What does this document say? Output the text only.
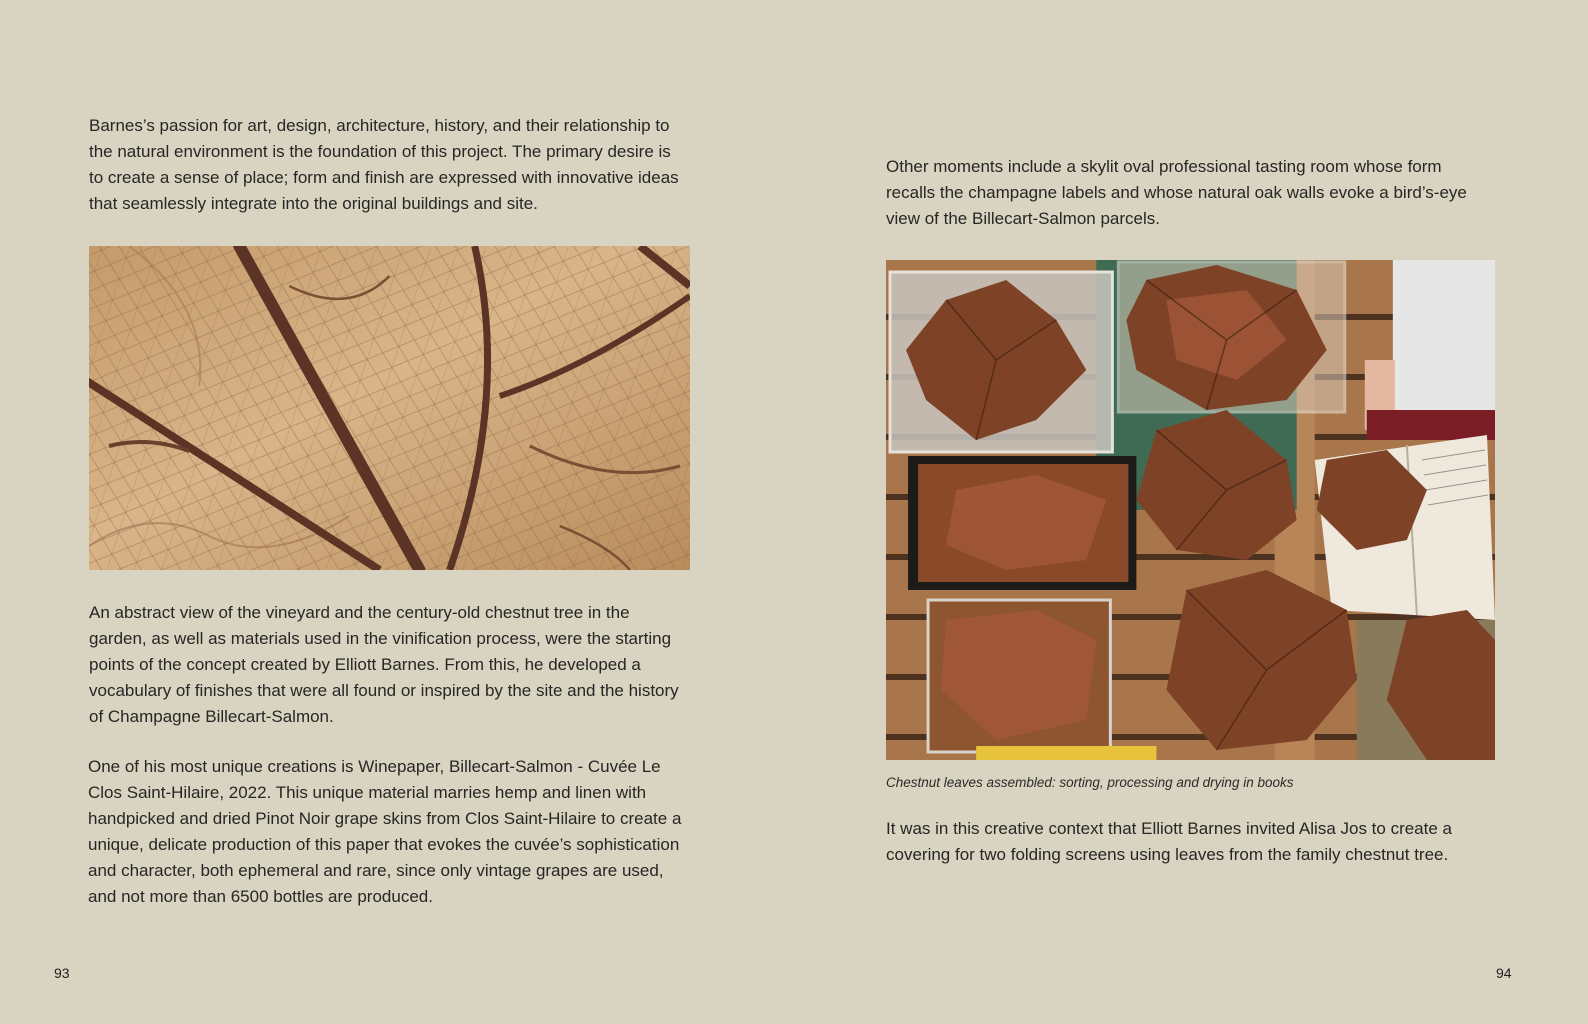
Barnes’s passion for art, design, architecture, history, and their relationship to the natural environment is the foundation of this project. The primary desire is to create a sense of place; form and finish are expressed with innovative ideas that seamlessly integrate into the original buildings and site.

An abstract view of the vineyard and the century-old chestnut tree in the garden, as well as materials used in the vinification process, were the starting points of the concept created by Elliott Barnes. From this, he developed a vocabulary of finishes that were all found or inspired by the site and the history of Champagne Billecart-Salmon.

One of his most unique creations is Winepaper, Billecart-Salmon - Cuvée Le Clos Saint-Hilaire, 2022. This unique material marries hemp and linen with handpicked and dried Pinot Noir grape skins from Clos Saint-Hilaire to create a unique, delicate production of this paper that evokes the cuvée’s sophistication and character, both ephemeral and rare, since only vintage grapes are used, and not more than 6500 bottles are produced.

93

Other moments include a skylit oval professional tasting room whose form recalls the champagne labels and whose natural oak walls evoke a bird’s-eye view of the Billecart-Salmon parcels.

Chestnut leaves assembled: sorting, processing and drying in books

It was in this creative context that Elliott Barnes invited Alisa Jos to create a covering for two folding screens using leaves from the family chestnut tree.

94
